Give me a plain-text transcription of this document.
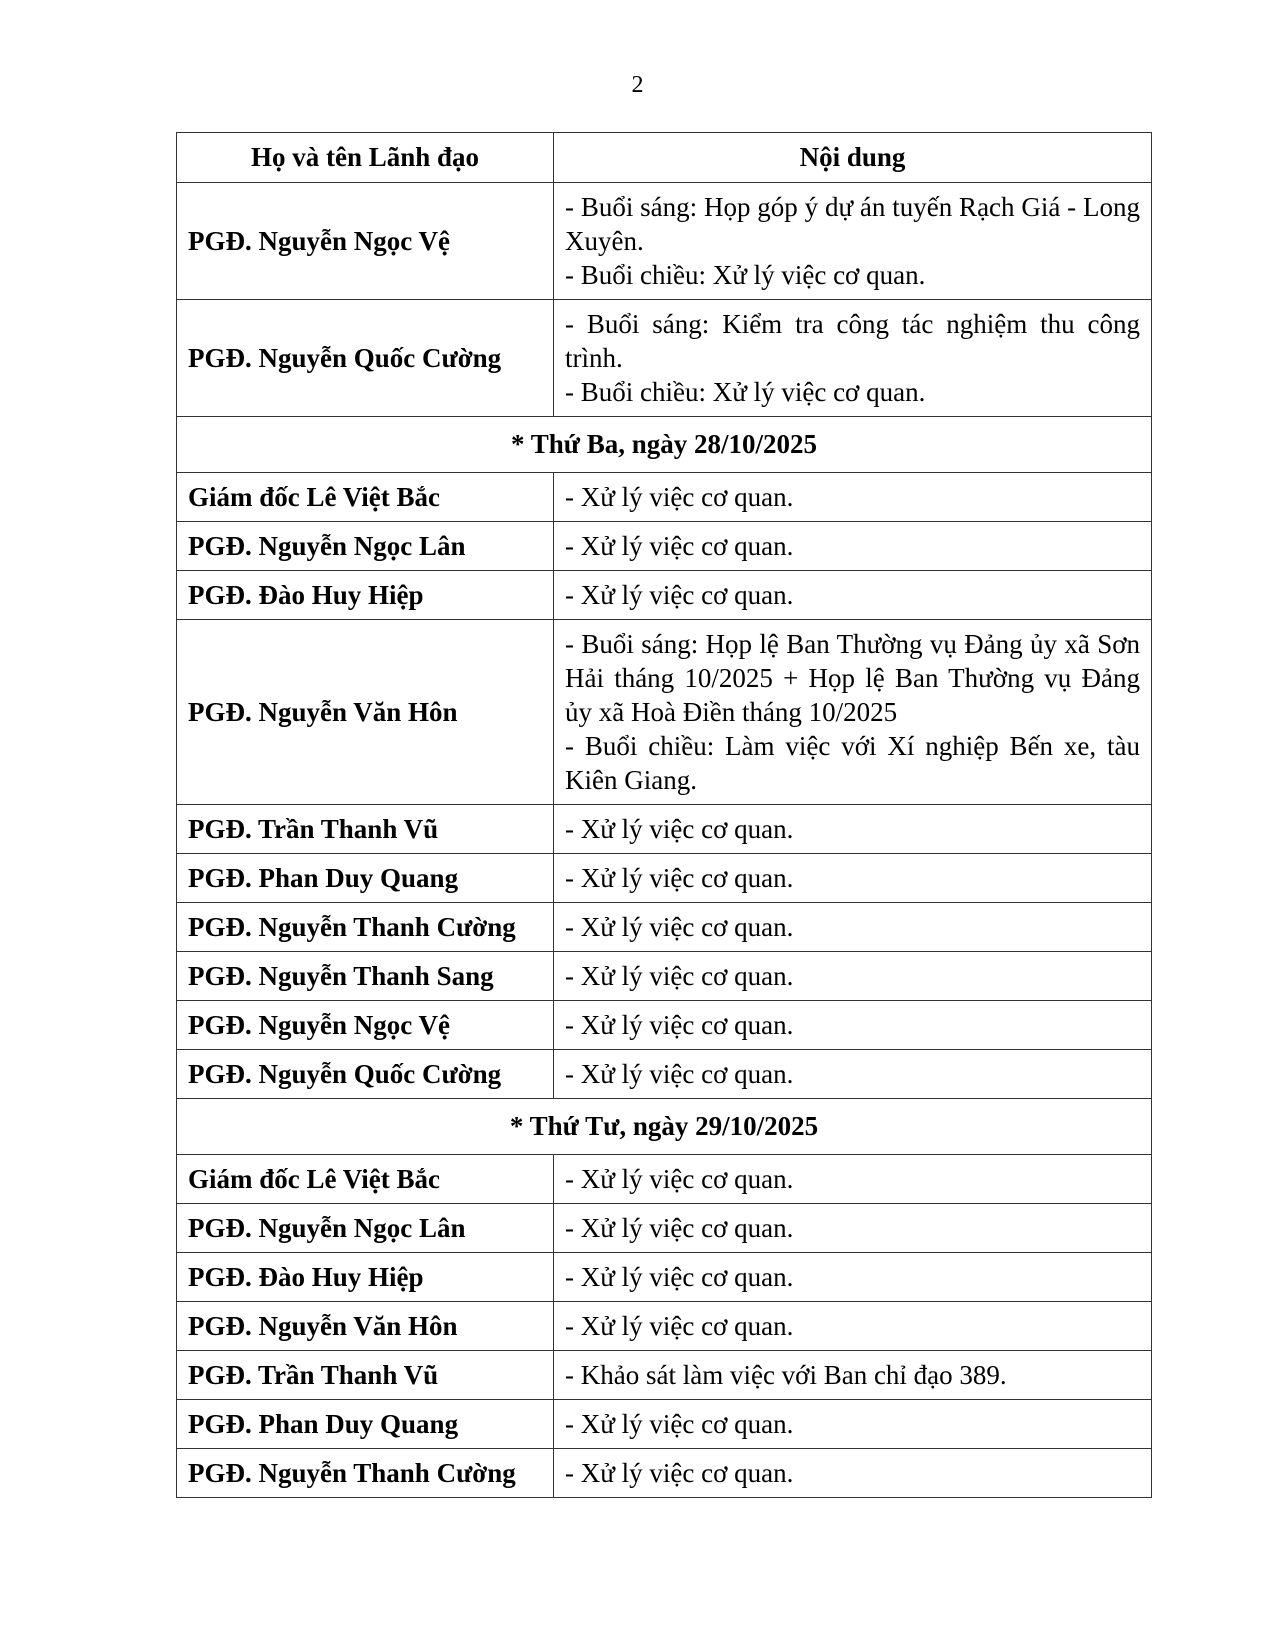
2
Họ và tên Lãnh đạo	Nội dung
PGĐ. Nguyễn Ngọc Vệ	- Buổi sáng: Họp góp ý dự án tuyến Rạch Giá - Long Xuyên.
- Buổi chiều: Xử lý việc cơ quan.

PGĐ. Nguyễn Quốc Cường	- Buổi sáng: Kiểm tra công tác nghiệm thu công trình.
- Buổi chiều: Xử lý việc cơ quan.

* Thứ Ba, ngày 28/10/2025	
Giám đốc Lê Việt Bắc	- Xử lý việc cơ quan.
PGĐ. Nguyễn Ngọc Lân	- Xử lý việc cơ quan.
PGĐ. Đào Huy Hiệp	- Xử lý việc cơ quan.
PGĐ. Nguyễn Văn Hôn	- Buổi sáng: Họp lệ Ban Thường vụ Đảng ủy xã Sơn Hải tháng 10/2025 + Họp lệ Ban Thường vụ Đảng ủy xã Hoà Điền tháng 10/2025
- Buổi chiều: Làm việc với Xí nghiệp Bến xe, tàu Kiên Giang.

PGĐ. Trần Thanh Vũ	- Xử lý việc cơ quan.
PGĐ. Phan Duy Quang	- Xử lý việc cơ quan.
PGĐ. Nguyễn Thanh Cường	- Xử lý việc cơ quan.
PGĐ. Nguyễn Thanh Sang	- Xử lý việc cơ quan.
PGĐ. Nguyễn Ngọc Vệ	- Xử lý việc cơ quan.
PGĐ. Nguyễn Quốc Cường	- Xử lý việc cơ quan.
* Thứ Tư, ngày 29/10/2025	
Giám đốc Lê Việt Bắc	- Xử lý việc cơ quan.
PGĐ. Nguyễn Ngọc Lân	- Xử lý việc cơ quan.
PGĐ. Đào Huy Hiệp	- Xử lý việc cơ quan.
PGĐ. Nguyễn Văn Hôn	- Xử lý việc cơ quan.
PGĐ. Trần Thanh Vũ	- Khảo sát làm việc với Ban chỉ đạo 389.
PGĐ. Phan Duy Quang	- Xử lý việc cơ quan.
PGĐ. Nguyễn Thanh Cường	- Xử lý việc cơ quan.
